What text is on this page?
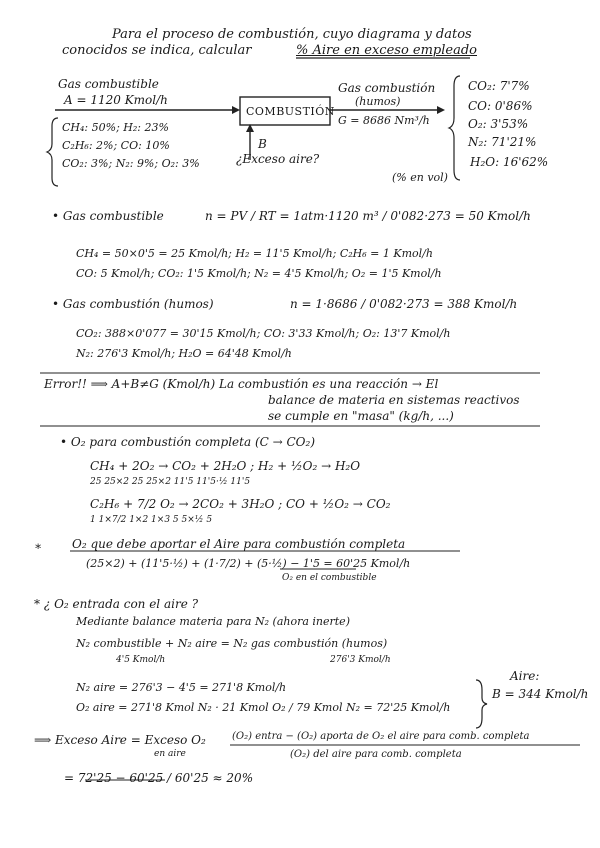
Para el proceso de combustión, cuyo diagrama y datos
conocidos se indica, calcular	% Aire en exceso empleado
Gas combustible
A = 1120 Kmol/h
CH₄: 50%; H₂: 23%
C₂H₆: 2%; CO: 10%
CO₂: 3%; N₂: 9%; O₂: 3%
COMBUSTIÓN
B
¿Exceso aire?
Gas combustión
(humos)
G = 8686 Nm³/h
CO₂: 7'7%
CO: 0'86%
O₂: 3'53%
N₂: 71'21%
H₂O: 16'62%
(% en vol)
• Gas combustible	n = PV / RT = 1atm·1120 m³ / 0'082·273 = 50 Kmol/h
CH₄ = 50×0'5 = 25 Kmol/h; H₂ = 11'5 Kmol/h; C₂H₆ = 1 Kmol/h
CO: 5 Kmol/h; CO₂: 1'5 Kmol/h; N₂ = 4'5 Kmol/h; O₂ = 1'5 Kmol/h
• Gas combustión (humos)	n = 1·8686 / 0'082·273 = 388 Kmol/h
CO₂: 388×0'077 = 30'15 Kmol/h; CO: 3'33 Kmol/h; O₂: 13'7 Kmol/h
N₂: 276'3 Kmol/h; H₂O = 64'48 Kmol/h
Error!! ⟹ A+B≠G (Kmol/h) La combustión es una reacción → El
balance de materia en sistemas reactivos
se cumple en "masa" (kg/h, ...)
• O₂ para combustión completa (C → CO₂)
CH₄ + 2O₂ → CO₂ + 2H₂O ; H₂ + ½O₂ → H₂O
25 25×2 25 25×2 11'5 11'5·½ 11'5
C₂H₆ + 7/2 O₂ → 2CO₂ + 3H₂O ; CO + ½O₂ → CO₂
1 1×7/2 1×2 1×3 5 5×½ 5
∗ O₂ que debe aportar el Aire para combustión completa
(25×2) + (11'5·½) + (1·7/2) + (5·½) − 1'5 = 60'25 Kmol/h
O₂ en el combustible
* ¿ O₂ entrada con el aire ?
Mediante balance materia para N₂ (ahora inerte)
N₂ combustible + N₂ aire = N₂ gas combustión (humos)
4'5 Kmol/h	276'3 Kmol/h
N₂ aire = 276'3 − 4'5 = 271'8 Kmol/h
O₂ aire = 271'8 Kmol N₂ · 21 Kmol O₂ / 79 Kmol N₂ = 72'25 Kmol/h
Aire:
B = 344 Kmol/h
⟹ Exceso Aire = Exceso O₂
en aire
(O₂) entra − (O₂) aporta de O₂ el aire para comb. completa
(O₂) del aire para comb. completa
= 72'25 − 60'25 / 60'25 ≈ 20%
